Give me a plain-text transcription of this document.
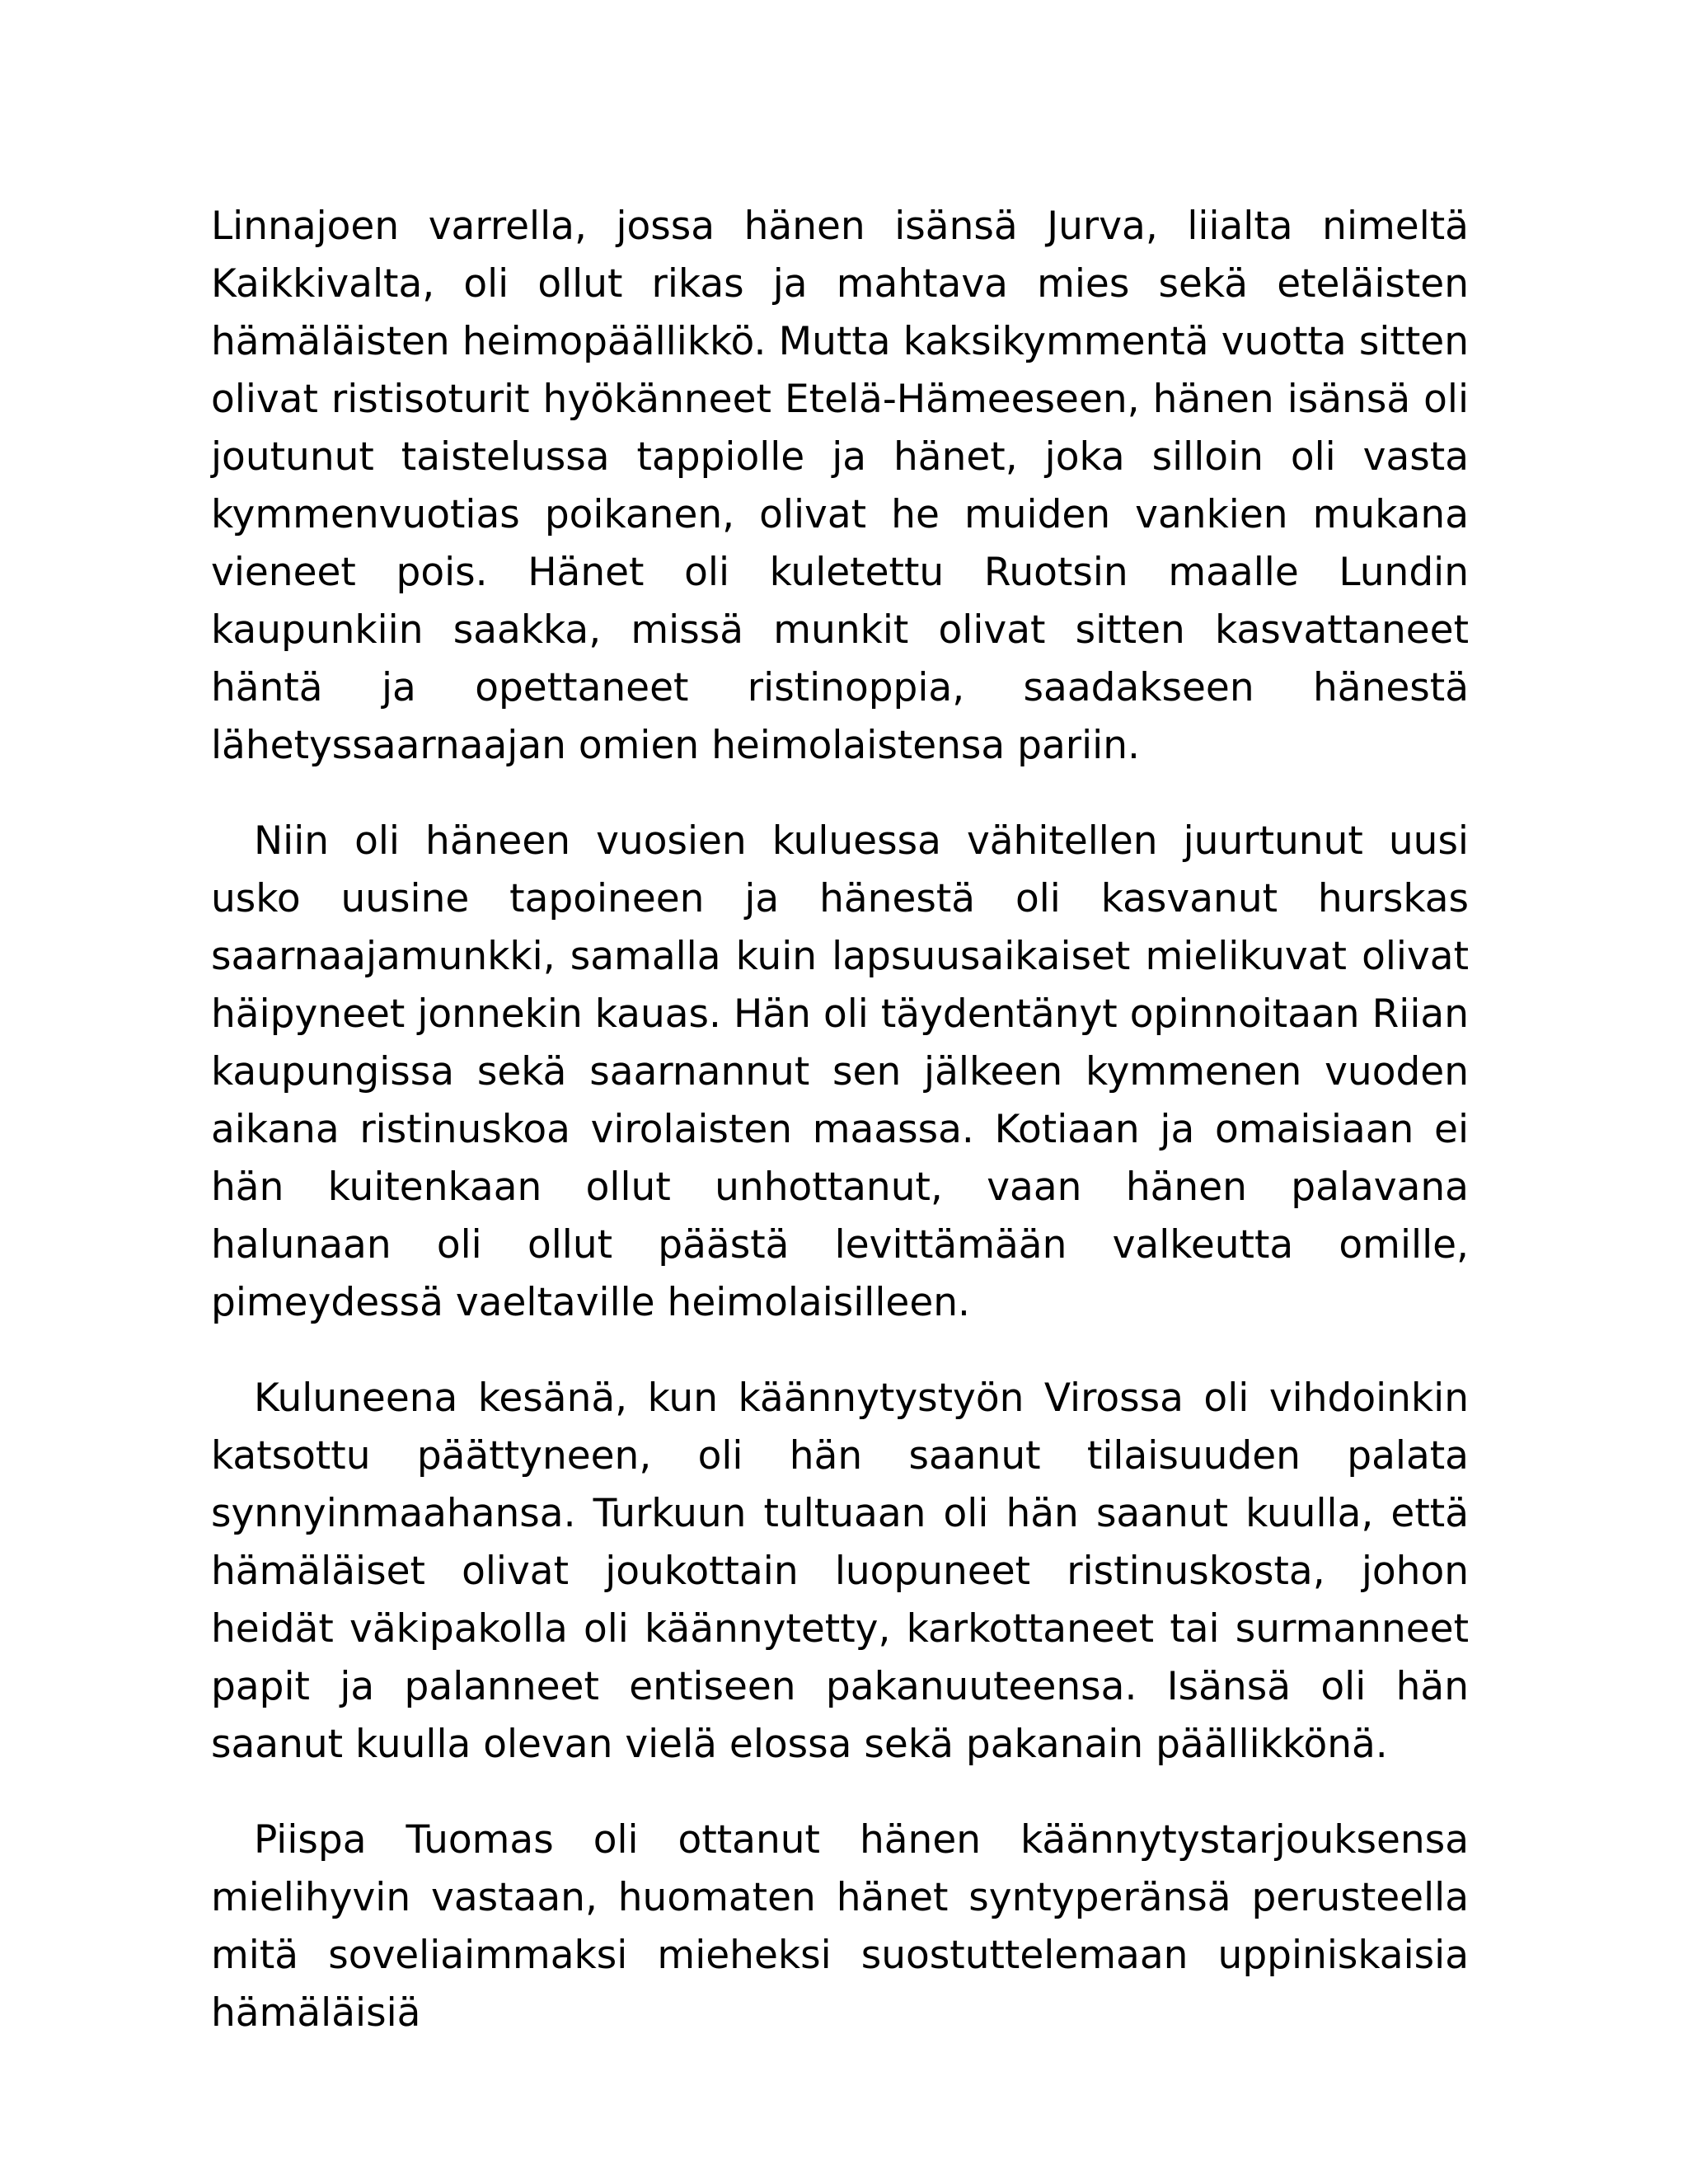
Linnajoen varrella, jossa hänen isänsä Jurva, liialta nimeltä Kaikkivalta, oli ollut rikas ja mahtava mies sekä eteläisten hämäläisten heimopäällikkö. Mutta kaksikymmentä vuotta sitten olivat ristisoturit hyökänneet Etelä-Hämeeseen, hänen isänsä oli joutunut taistelussa tappiolle ja hänet, joka silloin oli vasta kymmenvuotias poikanen, olivat he muiden vankien mukana vieneet pois. Hänet oli kuletettu Ruotsin maalle Lundin kaupunkiin saakka, missä munkit olivat sitten kasvattaneet häntä ja opettaneet ristinoppia, saadakseen hänestä lähetyssaarnaajan omien heimolaistensa pariin.

Niin oli häneen vuosien kuluessa vähitellen juurtunut uusi usko uusine tapoineen ja hänestä oli kasvanut hurskas saarnaajamunkki, samalla kuin lapsuusaikaiset mielikuvat olivat häipyneet jonnekin kauas. Hän oli täydentänyt opinnoitaan Riian kaupungissa sekä saarnannut sen jälkeen kymmenen vuoden aikana ristinuskoa virolaisten maassa. Kotiaan ja omaisiaan ei hän kuitenkaan ollut unhottanut, vaan hänen palavana halunaan oli ollut päästä levittämään valkeutta omille, pimeydessä vaeltaville heimolaisilleen.

Kuluneena kesänä, kun käännytystyön Virossa oli vihdoinkin katsottu päättyneen, oli hän saanut tilaisuuden palata synnyinmaahansa. Turkuun tultuaan oli hän saanut kuulla, että hämäläiset olivat joukottain luopuneet ristinuskosta, johon heidät väkipakolla oli käännytetty, karkottaneet tai surmanneet papit ja palanneet entiseen pakanuuteensa. Isänsä oli hän saanut kuulla olevan vielä elossa sekä pakanain päällikkönä.

Piispa Tuomas oli ottanut hänen käännytystarjouksensa mielihyvin vastaan, huomaten hänet syntyperänsä perusteella mitä soveliaimmaksi mieheksi suostuttelemaan uppiniskaisia hämäläisiä
